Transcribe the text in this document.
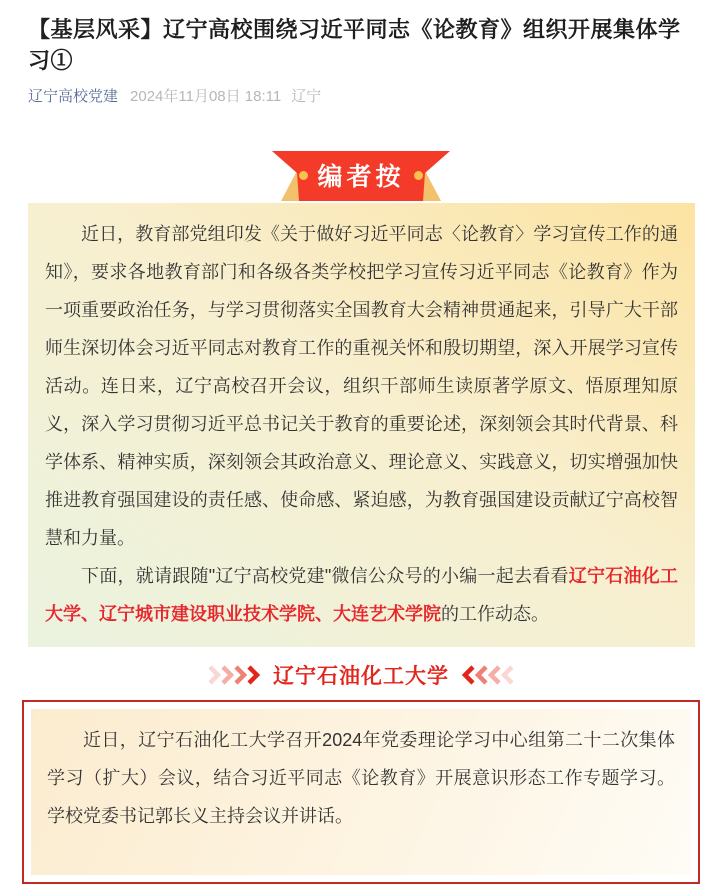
【基层风采】辽宁高校围绕习近平同志《论教育》组织开展集体学习①
辽宁高校党建 2024年11月08日 18:11 辽宁
编者按

近日，教育部党组印发《关于做好习近平同志〈论教育〉学习宣传工作的通知》，要求各地教育部门和各级各类学校把学习宣传习近平同志《论教育》作为一项重要政治任务，与学习贯彻落实全国教育大会精神贯通起来，引导广大干部师生深切体会习近平同志对教育工作的重视关怀和殷切期望，深入开展学习宣传活动。连日来，辽宁高校召开会议，组织干部师生读原著学原文、悟原理知原义，深入学习贯彻习近平总书记关于教育的重要论述，深刻领会其时代背景、科学体系、精神实质，深刻领会其政治意义、理论意义、实践意义，切实增强加快推进教育强国建设的责任感、使命感、紧迫感，为教育强国建设贡献辽宁高校智慧和力量。

下面，就请跟随"辽宁高校党建"微信公众号的小编一起去看看辽宁石油化工大学、辽宁城市建设职业技术学院、大连艺术学院的工作动态。

辽宁石油化工大学

近日，辽宁石油化工大学召开2024年党委理论学习中心组第二十二次集体学习（扩大）会议，结合习近平同志《论教育》开展意识形态工作专题学习。学校党委书记郭长义主持会议并讲话。
